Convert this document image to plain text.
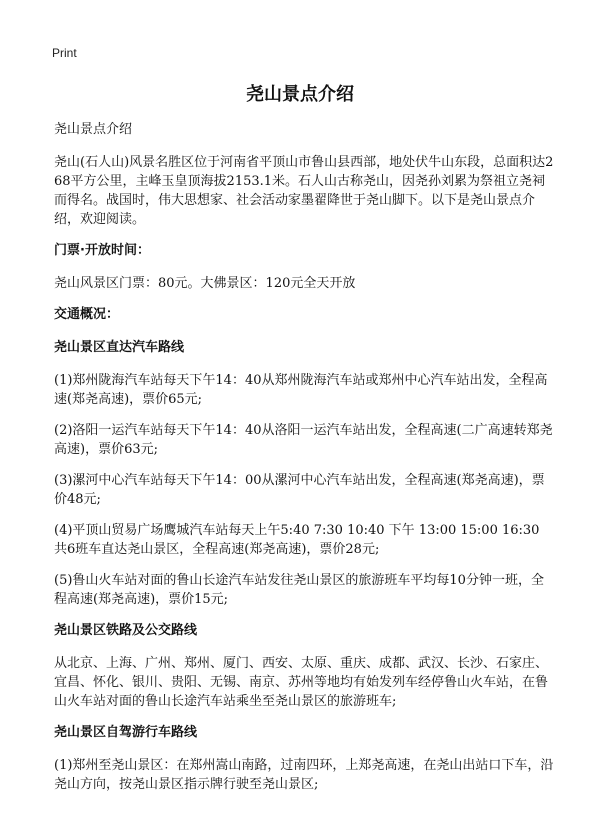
Print
尧山景点介绍
尧山景点介绍
尧山(石人山)风景名胜区位于河南省平顶山市鲁山县西部，地处伏牛山东段，总面积达268平方公里，主峰玉皇顶海拔2153.1米。石人山古称尧山，因尧孙刘累为祭祖立尧祠而得名。战国时，伟大思想家、社会活动家墨翟降世于尧山脚下。以下是尧山景点介绍，欢迎阅读。
门票·开放时间：
尧山风景区门票：80元。大佛景区：120元全天开放
交通概况：
尧山景区直达汽车路线
(1)郑州陇海汽车站每天下午14：40从郑州陇海汽车站或郑州中心汽车站出发，全程高速(郑尧高速)，票价65元;
(2)洛阳一运汽车站每天下午14：40从洛阳一运汽车站出发，全程高速(二广高速转郑尧高速)，票价63元;
(3)漯河中心汽车站每天下午14：00从漯河中心汽车站出发，全程高速(郑尧高速)，票价48元;
(4)平顶山贸易广场鹰城汽车站每天上午5:40 7:30 10:40 下午 13:00 15:00 16:30 共6班车直达尧山景区，全程高速(郑尧高速)，票价28元;
(5)鲁山火车站对面的鲁山长途汽车站发往尧山景区的旅游班车平均每10分钟一班，全程高速(郑尧高速)，票价15元;
尧山景区铁路及公交路线
从北京、上海、广州、郑州、厦门、西安、太原、重庆、成都、武汉、长沙、石家庄、宜昌、怀化、银川、贵阳、无锡、南京、苏州等地均有始发列车经停鲁山火车站，在鲁山火车站对面的鲁山长途汽车站乘坐至尧山景区的旅游班车;
尧山景区自驾游行车路线
(1)郑州至尧山景区：在郑州嵩山南路，过南四环，上郑尧高速，在尧山出站口下车，沿尧山方向，按尧山景区指示牌行驶至尧山景区;
